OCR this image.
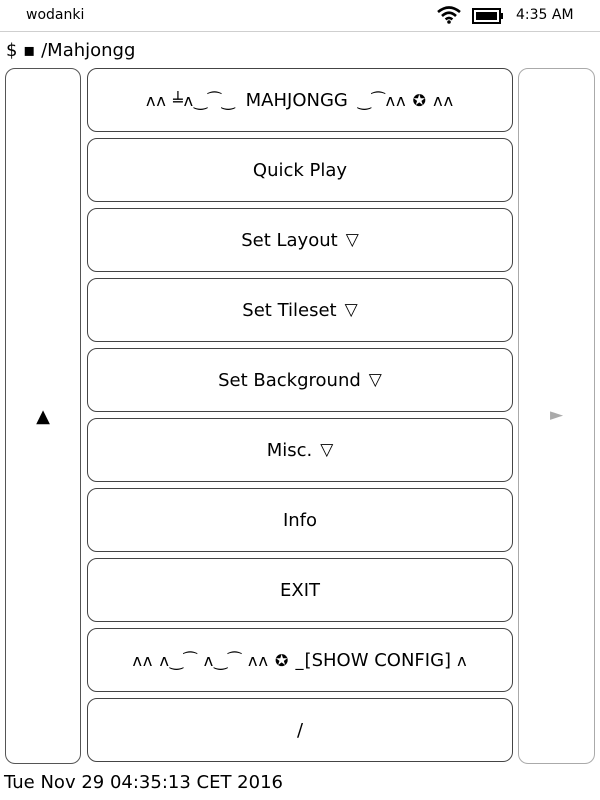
wodanki	4:35 AM
$ ▪ /Mahjongg
▲	►
ʌʌ ╧ʌ‿⁀‿ MAHJONGG ‿⁀ʌʌ ✪ ʌʌ
Quick Play
Set Layout ▽
Set Tileset ▽
Set Background ▽
Misc. ▽
Info
EXIT
ʌʌ ʌ‿⁀ ʌ‿⁀ ʌʌ ✪ _ [SHOW CONFIG] ʌ
/
Tue Nov 29 04:35:13 CET 2016
